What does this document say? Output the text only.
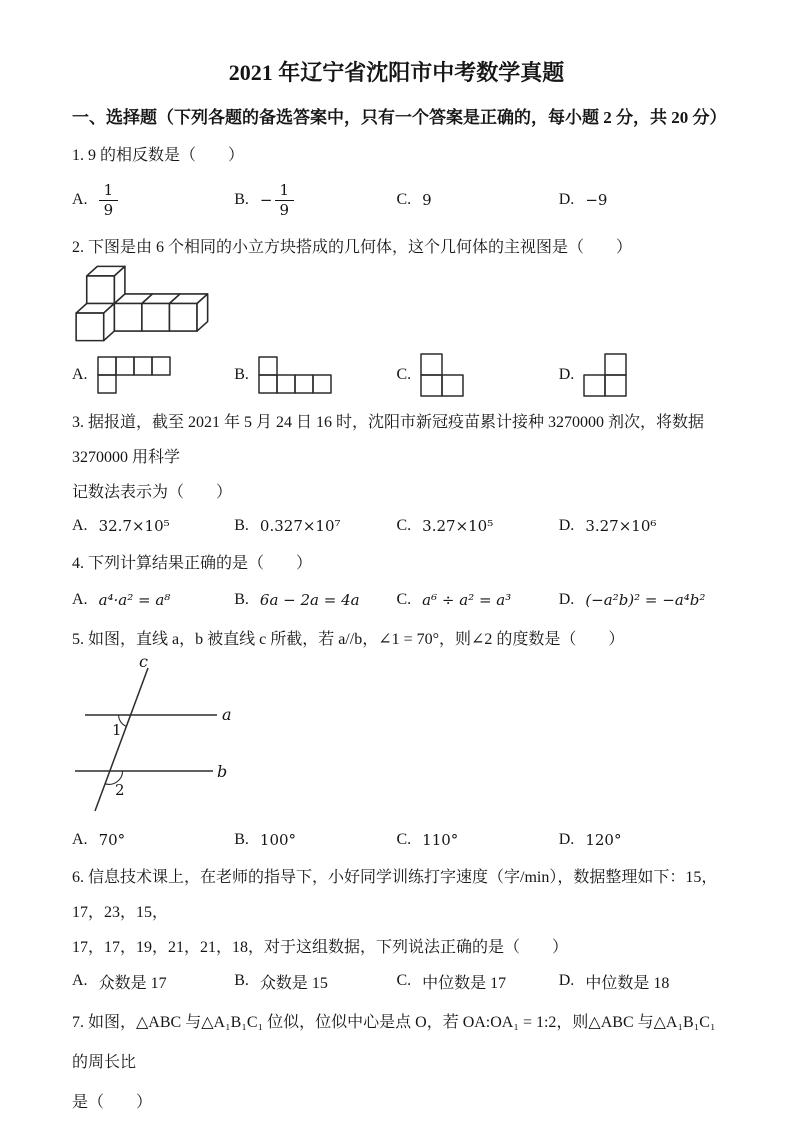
2021 年辽宁省沈阳市中考数学真题
一、选择题（下列各题的备选答案中，只有一个答案是正确的，每小题 2 分，共 20 分）
1. 9 的相反数是（　　）
A. $\frac{1}{9}$	B. − $\frac{1}{9}$	C. 9	D. −9
2. 下图是由 6 个相同的小立方块搭成的几何体，这个几何体的主视图是（　　）
A.	B.	C.	D.
3. 据报道，截至 2021 年 5 月 24 日 16 时，沈阳市新冠疫苗累计接种 3270000 剂次，将数据 3270000 用科学
记数法表示为（　　）
A. 32.7×10⁵	B. 0.327×10⁷	C. 3.27×10⁵	D. 3.27×10⁶
4. 下列计算结果正确的是（　　）
A. a⁴·a² = a⁸	B. 6a − 2a = 4a C. a⁶ ÷ a² = a³	D. (−a²b)² = −a⁴b²
5. 如图，直线 a，b 被直线 c 所截，若 a//b，∠1 = 70°，则∠2 的度数是（　　）
c
a
b
1
2
A. 70°	B. 100°	C. 110°	D. 120°
6. 信息技术课上，在老师的指导下，小好同学训练打字速度（字/min），数据整理如下：15，17，23，15，
17，17，19，21，21，18，对于这组数据，下列说法正确的是（　　）
A. 众数是 17	B. 众数是 15	C. 中位数是 17	D. 中位数是 18
7. 如图，△ABC 与△A₁B₁C₁ 位似，位似中心是点 O，若 OA:OA₁ = 1:2，则△ABC 与△A₁B₁C₁ 的周长比
是（　　）
